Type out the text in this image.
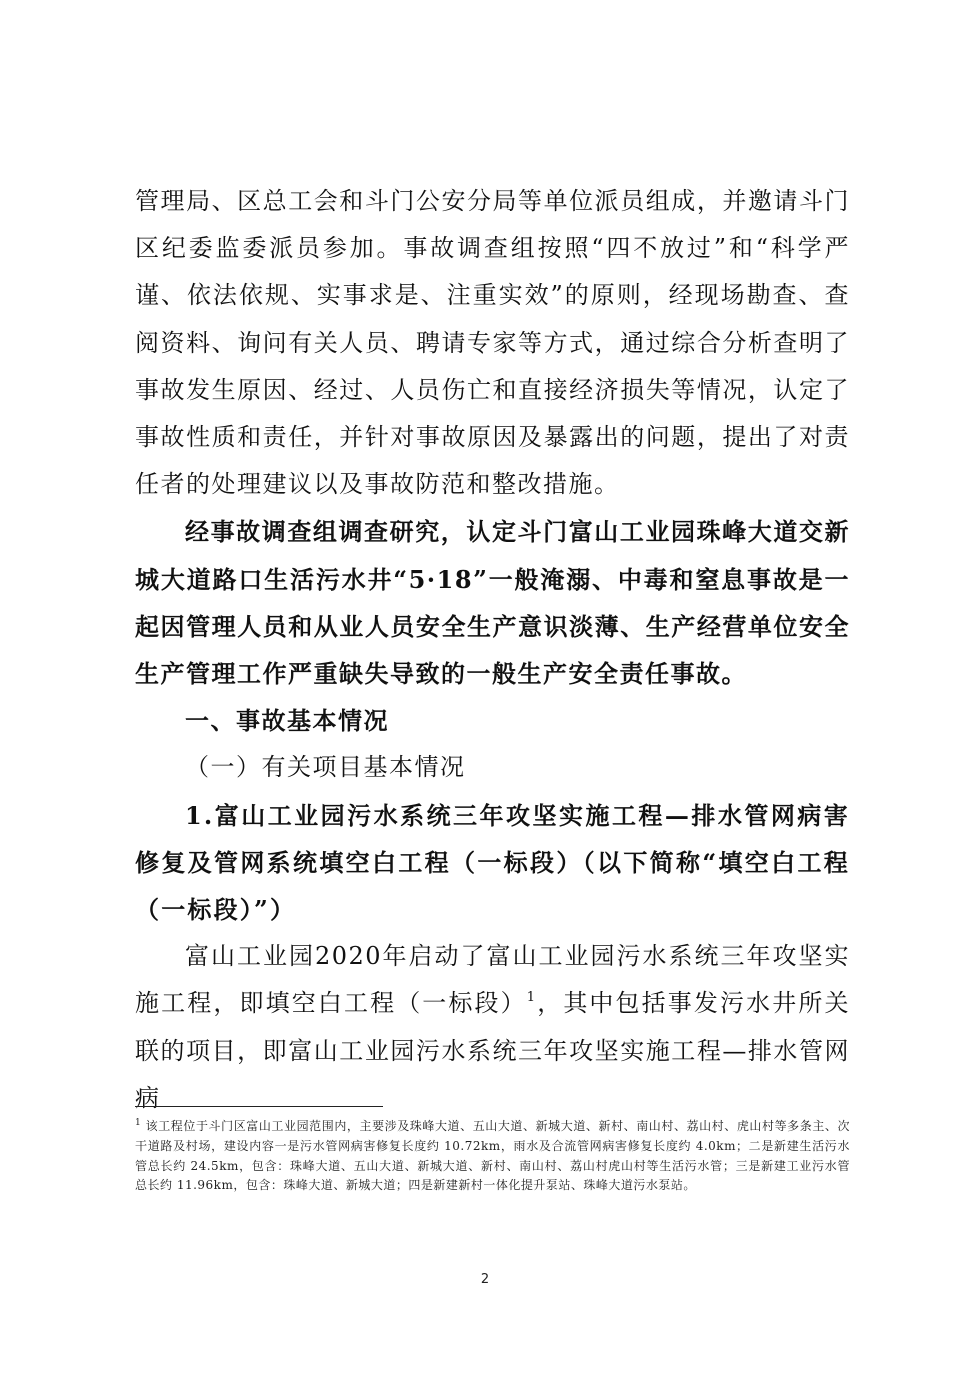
管理局、区总工会和斗门公安分局等单位派员组成，并邀请斗门区纪委监委派员参加。事故调查组按照“四不放过”和“科学严谨、依法依规、实事求是、注重实效”的原则，经现场勘查、查阅资料、询问有关人员、聘请专家等方式，通过综合分析查明了事故发生原因、经过、人员伤亡和直接经济损失等情况，认定了事故性质和责任，并针对事故原因及暴露出的问题，提出了对责任者的处理建议以及事故防范和整改措施。

经事故调查组调查研究，认定斗门富山工业园珠峰大道交新城大道路口生活污水井“5·18”一般淹溺、中毒和窒息事故是一起因管理人员和从业人员安全生产意识淡薄、生产经营单位安全生产管理工作严重缺失导致的一般生产安全责任事故。

一、事故基本情况

（一）有关项目基本情况

1.富山工业园污水系统三年攻坚实施工程—排水管网病害修复及管网系统填空白工程（一标段）（以下简称“填空白工程（一标段）”）

富山工业园2020年启动了富山工业园污水系统三年攻坚实施工程，即填空白工程（一标段）$^1$，其中包括事发污水井所关联的项目，即富山工业园污水系统三年攻坚实施工程—排水管网病

$^1$ 该工程位于斗门区富山工业园范围内，主要涉及珠峰大道、五山大道、新城大道、新村、南山村、荔山村、虎山村等多条主、次干道路及村场，建设内容一是污水管网病害修复长度约 10.72km，雨水及合流管网病害修复长度约 4.0km；二是新建生活污水管总长约 24.5km，包含：珠峰大道、五山大道、新城大道、新村、南山村、荔山村虎山村等生活污水管；三是新建工业污水管总长约 11.96km，包含：珠峰大道、新城大道；四是新建新村一体化提升泵站、珠峰大道污水泵站。

2
